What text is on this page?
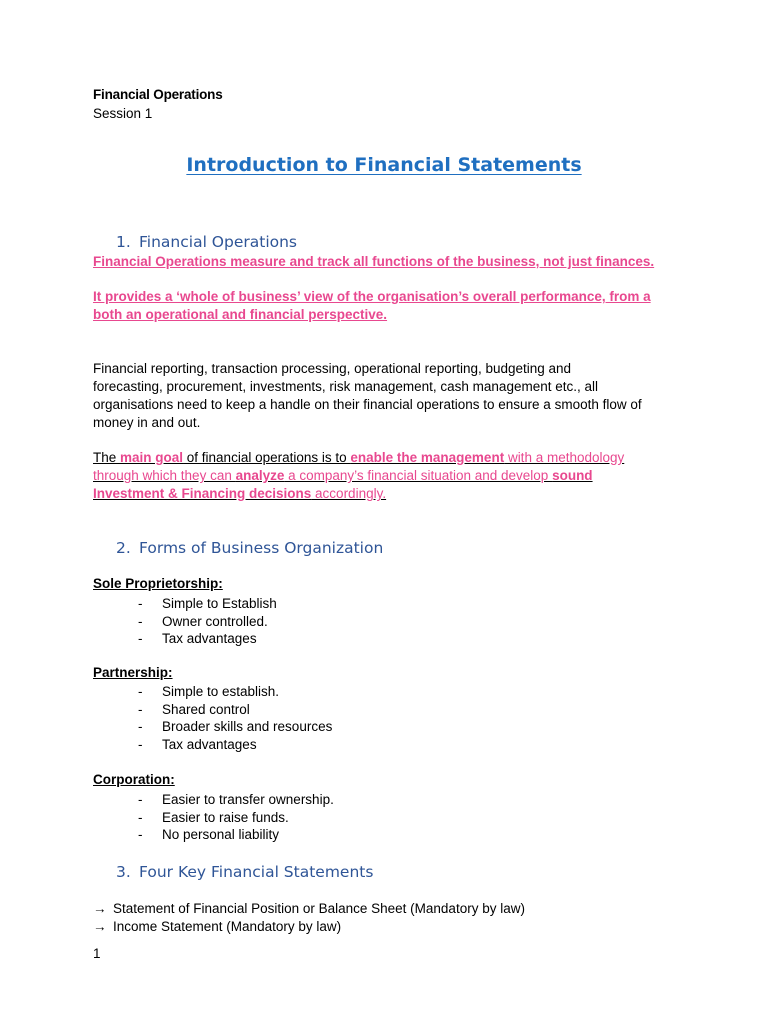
Financial Operations
Session 1
Introduction to Financial Statements
1. Financial Operations
Financial Operations measure and track all functions of the business, not just finances.
It provides a ‘whole of business’ view of the organisation’s overall performance, from a
both an operational and financial perspective.
Financial reporting, transaction processing, operational reporting, budgeting and
forecasting, procurement, investments, risk management, cash management etc., all
organisations need to keep a handle on their financial operations to ensure a smooth flow of
money in and out.
The main goal of financial operations is to enable the management with a methodology
through which they can analyze a company’s financial situation and develop sound
Investment & Financing decisions accordingly.
2. Forms of Business Organization
Sole Proprietorship:
- Simple to Establish
- Owner controlled.
- Tax advantages
Partnership:
- Simple to establish.
- Shared control
- Broader skills and resources
- Tax advantages
Corporation:
- Easier to transfer ownership.
- Easier to raise funds.
- No personal liability
3. Four Key Financial Statements
→ Statement of Financial Position or Balance Sheet (Mandatory by law)
→ Income Statement (Mandatory by law)
1
